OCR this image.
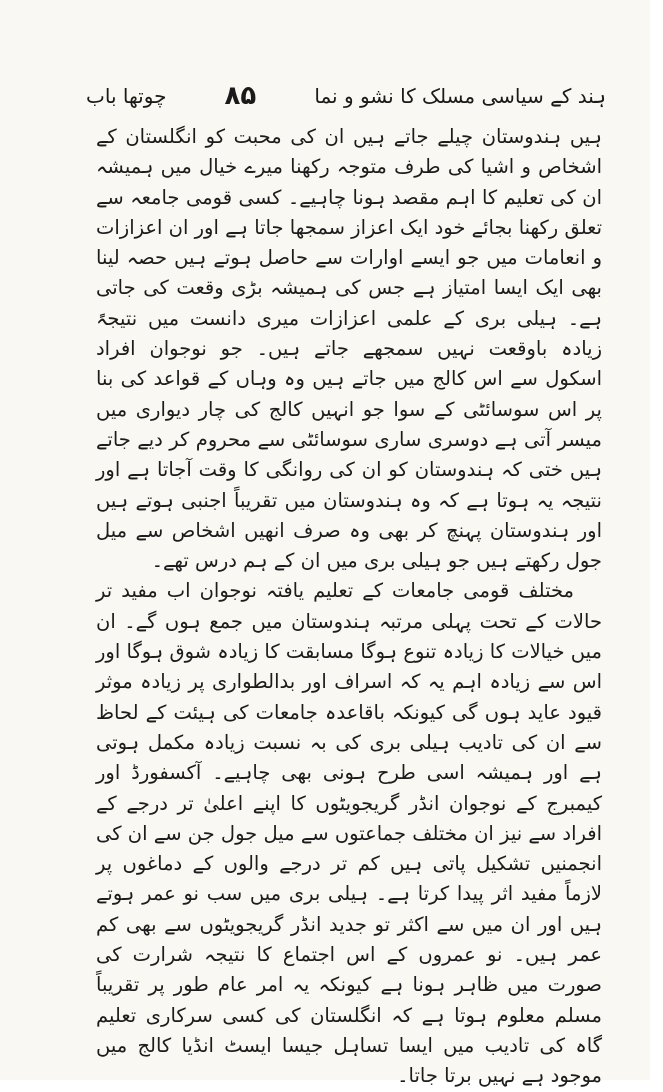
ہند کے سیاسی مسلک کا نشو و نما
۸۵
چوتھا باب

ہیں ہندوستان چیلے جاتے ہیں ان کی محبت کو انگلستان کے اشخاص و اشیا کی طرف متوجہ رکھنا میرے خیال میں ہمیشہ ان کی تعلیم کا اہم مقصد ہونا چاہیے۔ کسی قومی جامعہ سے تعلق رکھنا بجائے خود ایک اعزاز سمجھا جاتا ہے اور ان اعزازات و انعامات میں جو ایسے اوارات سے حاصل ہوتے ہیں حصہ لینا بھی ایک ایسا امتیاز ہے جس کی ہمیشہ بڑی وقعت کی جاتی ہے۔ ہیلی بری کے علمی اعزازات میری دانست میں نتیجہً زیادہ باوقعت نہیں سمجھے جاتے ہیں۔ جو نوجوان افراد اسکول سے اس کالج میں جاتے ہیں وہ وہاں کے قواعد کی بنا پر اس سوسائٹی کے سوا جو انہیں کالج کی چار دیواری میں میسر آتی ہے دوسری ساری سوسائٹی سے محروم کر دیے جاتے ہیں ختی کہ ہندوستان کو ان کی روانگی کا وقت آجاتا ہے اور نتیجہ یہ ہوتا ہے کہ وہ ہندوستان میں تقریباً اجنبی ہوتے ہیں اور ہندوستان پہنچ کر بھی وہ صرف انھیں اشخاص سے میل جول رکھتے ہیں جو ہیلی بری میں ان کے ہم درس تھے۔

مختلف قومی جامعات کے تعلیم یافتہ نوجوان اب مفید تر حالات کے تحت پہلی مرتبہ ہندوستان میں جمع ہوں گے۔ ان میں خیالات کا زیادہ تنوع ہوگا مسابقت کا زیادہ شوق ہوگا اور اس سے زیادہ اہم یہ کہ اسراف اور بدالطواری پر زیادہ موثر قیود عاید ہوں گی کیونکہ باقاعدہ جامعات کی ہیئت کے لحاظ سے ان کی تادیب ہیلی بری کی بہ نسبت زیادہ مکمل ہوتی ہے اور ہمیشہ اسی طرح ہونی بھی چاہیے۔ آکسفورڈ اور کیمبرج کے نوجوان انڈر گریجویٹوں کا اپنے اعلیٰ تر درجے کے افراد سے نیز ان مختلف جماعتوں سے میل جول جن سے ان کی انجمنیں تشکیل پاتی ہیں کم تر درجے والوں کے دماغوں پر لازماً مفید اثر پیدا کرتا ہے۔ ہیلی بری میں سب نو عمر ہوتے ہیں اور ان میں سے اکثر تو جدید انڈر گریجویٹوں سے بھی کم عمر ہیں۔ نو عمروں کے اس اجتماع کا نتیجہ شرارت کی صورت میں ظاہر ہونا ہے کیونکہ یہ امر عام طور پر تقریباً مسلم معلوم ہوتا ہے کہ انگلستان کی کسی سرکاری تعلیم گاہ کی تادیب میں ایسا تساہل جیسا ایسٹ انڈیا کالج میں موجود ہے نہیں برتا جاتا۔
